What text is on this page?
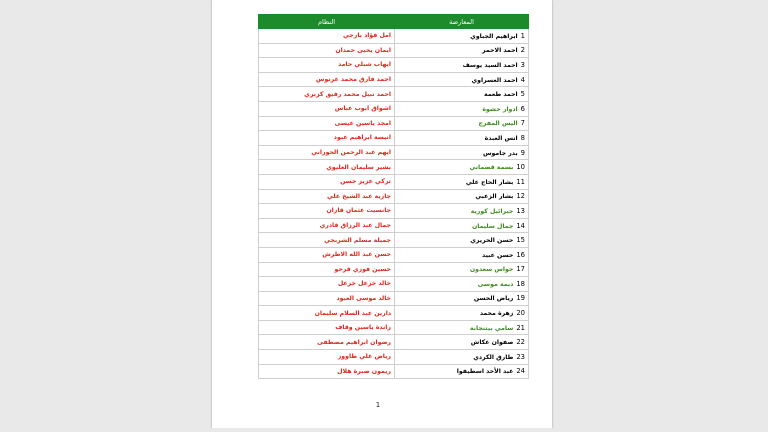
المعارضة	النظام
1ابراهيم الجباوي	امل فؤاد بازجي
2احمد الاحمر	ايمان يحيى حمدان
3احمد السيد يوسف	ايهاب شبلي حامد
4احمد العسراوي	احمد فارق محمد عرنوس
5احمد طعمة	احمد نبيل محمد رفيق كزبري
6ادوار حشوة	اشواق ايوب عباس
7اليس المفرج	امجد ياسين عيسى
8انس العبدة	انيسة ابراهيم عبود
9بدر جاموس	ايهم عبد الرحمن الحوراني
10بسمة قضماني	بشير سليمان العليوي
11بشار الحاج علي	تركي عزيز حسن
12بشار الزعبي	جازية عبد الشيخ علي
13جبرائيل كورية	جانسيت عثمان قازان
14جمال سليمان	جمال عبد الرزاق قادري
15حسن الحريري	جميلة مسلم الشربجي
16حسن عبيد	حسن عبد الله الاطرش
17حواس سعدون	حسين فوزي قرحو
18ديمة موسى	خالد خزعل خزعل
19رياض الحسن	خالد موسى العبود
20زهرة محمد	دارين عبد السلام سليمان
21سامي بيتنجانة	راندة ياسين وقاف
22صفوان عكاش	رضوان ابراهيم مصطفى
23طارق الكردي	رياض علي طاووز
24عبد الأحد اسطيفوا	ريمون صبرة هلال
1
